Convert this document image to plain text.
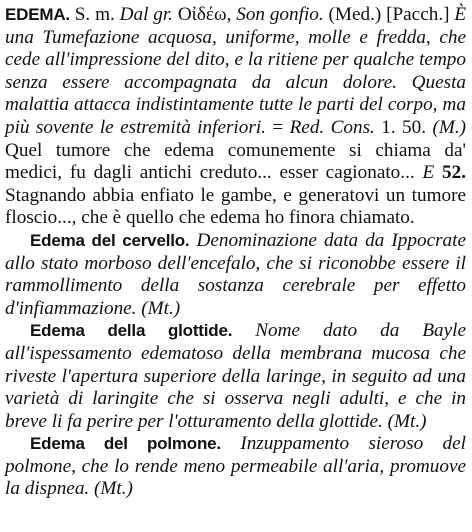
EDEMA. S. m. Dal gr. Οἰδέω, Son gonfio. (Med.) [Pacch.] È una Tumefazione acquosa, uniforme, molle e fredda, che cede all'impressione del dito, e la ritiene per qualche tempo senza essere accompagnata da alcun dolore. Questa malattia attacca indistintamente tutte le parti del corpo, ma più sovente le estremità inferiori. = Red. Cons. 1. 50. (M.) Quel tumore che edema comunemente si chiama da' medici, fu dagli antichi creduto... esser cagionato... E 52. Stagnando abbia enfiato le gambe, e generatovi un tumore floscio..., che è quello che edema ho finora chiamato.

Edema del cervello. Denominazione data da Ippocrate allo stato morboso dell'encefalo, che si riconobbe essere il rammollimento della sostanza cerebrale per effetto d'infiammazione. (Mt.)

Edema della glottide. Nome dato da Bayle all'ispessamento edematoso della membrana mucosa che riveste l'apertura superiore della laringe, in seguito ad una varietà di laringite che si osserva negli adulti, e che in breve li fa perire per l'otturamento della glottide. (Mt.)

Edema del polmone. Inzuppamento sieroso del polmone, che lo rende meno permeabile all'aria, promuove la dispnea. (Mt.)
